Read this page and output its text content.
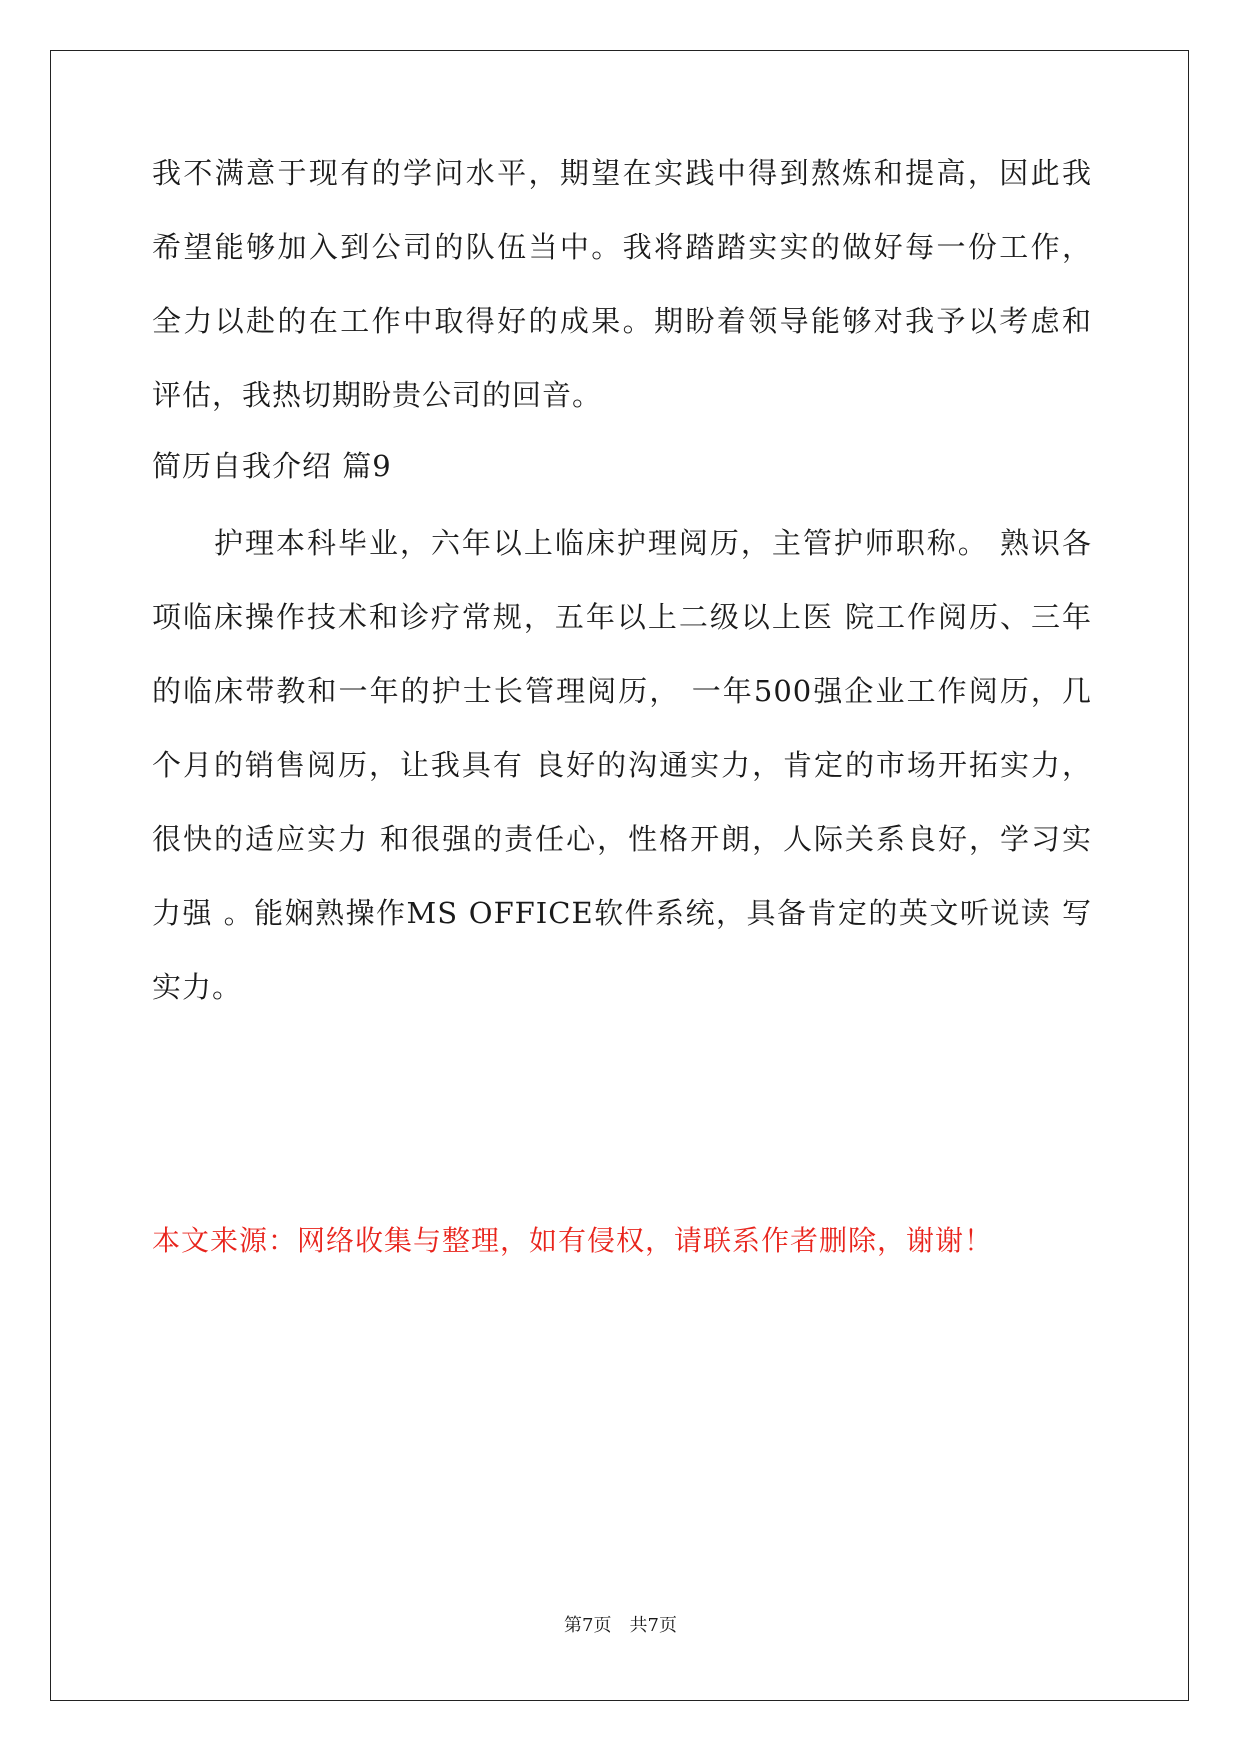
我不满意于现有的学问水平，期望在实践中得到熬炼和提高，因此我
希望能够加入到公司的队伍当中。我将踏踏实实的做好每一份工作，
全力以赴的在工作中取得好的成果。期盼着领导能够对我予以考虑和
评估，我热切期盼贵公司的回音。
简历自我介绍 篇9
护理本科毕业，六年以上临床护理阅历，主管护师职称。 熟识各
项临床操作技术和诊疗常规，五年以上二级以上医 院工作阅历、三年
的临床带教和一年的护士长管理阅历， 一年500强企业工作阅历，几
个月的销售阅历，让我具有 良好的沟通实力，肯定的市场开拓实力，
很快的适应实力 和很强的责任心，性格开朗，人际关系良好，学习实
力强 。能娴熟操作MS OFFICE软件系统，具备肯定的英文听说读 写
实力。
本文来源：网络收集与整理，如有侵权，请联系作者删除，谢谢！
第7页 共7页
